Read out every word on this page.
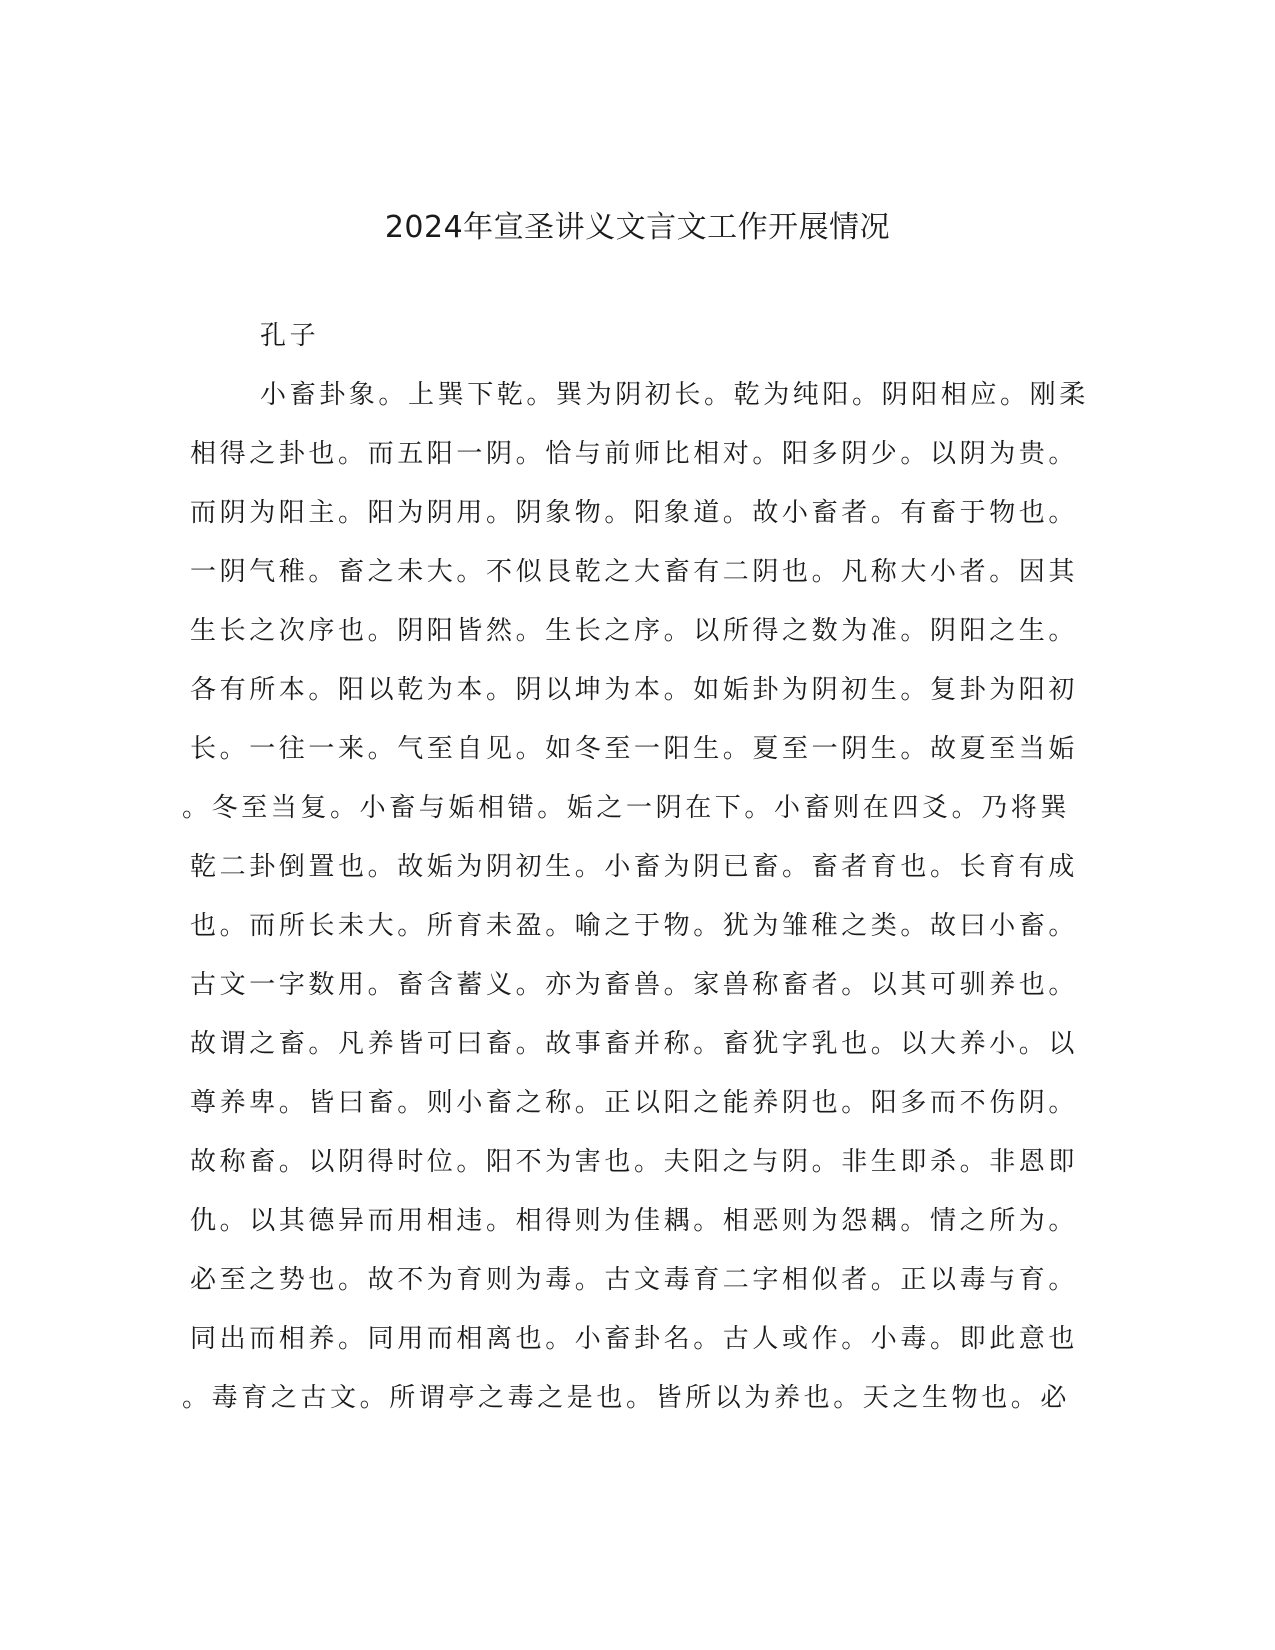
2024年宣圣讲义文言文工作开展情况
孔子
小畜卦象。上巽下乾。巽为阴初长。乾为纯阳。阴阳相应。刚柔
相得之卦也。而五阳一阴。恰与前师比相对。阳多阴少。以阴为贵。
而阴为阳主。阳为阴用。阴象物。阳象道。故小畜者。有畜于物也。
一阴气稚。畜之未大。不似艮乾之大畜有二阴也。凡称大小者。因其
生长之次序也。阴阳皆然。生长之序。以所得之数为准。阴阳之生。
各有所本。阳以乾为本。阴以坤为本。如姤卦为阴初生。复卦为阳初
长。一往一来。气至自见。如冬至一阳生。夏至一阴生。故夏至当姤
。冬至当复。小畜与姤相错。姤之一阴在下。小畜则在四爻。乃将巽
乾二卦倒置也。故姤为阴初生。小畜为阴已畜。畜者育也。长育有成
也。而所长未大。所育未盈。喻之于物。犹为雏稚之类。故曰小畜。
古文一字数用。畜含蓄义。亦为畜兽。家兽称畜者。以其可驯养也。
故谓之畜。凡养皆可曰畜。故事畜并称。畜犹字乳也。以大养小。以
尊养卑。皆曰畜。则小畜之称。正以阳之能养阴也。阳多而不伤阴。
故称畜。以阴得时位。阳不为害也。夫阳之与阴。非生即杀。非恩即
仇。以其德异而用相违。相得则为佳耦。相恶则为怨耦。情之所为。
必至之势也。故不为育则为毒。古文毒育二字相似者。正以毒与育。
同出而相养。同用而相离也。小畜卦名。古人或作。小毒。即此意也
。毒育之古文。所谓亭之毒之是也。皆所以为养也。天之生物也。必
